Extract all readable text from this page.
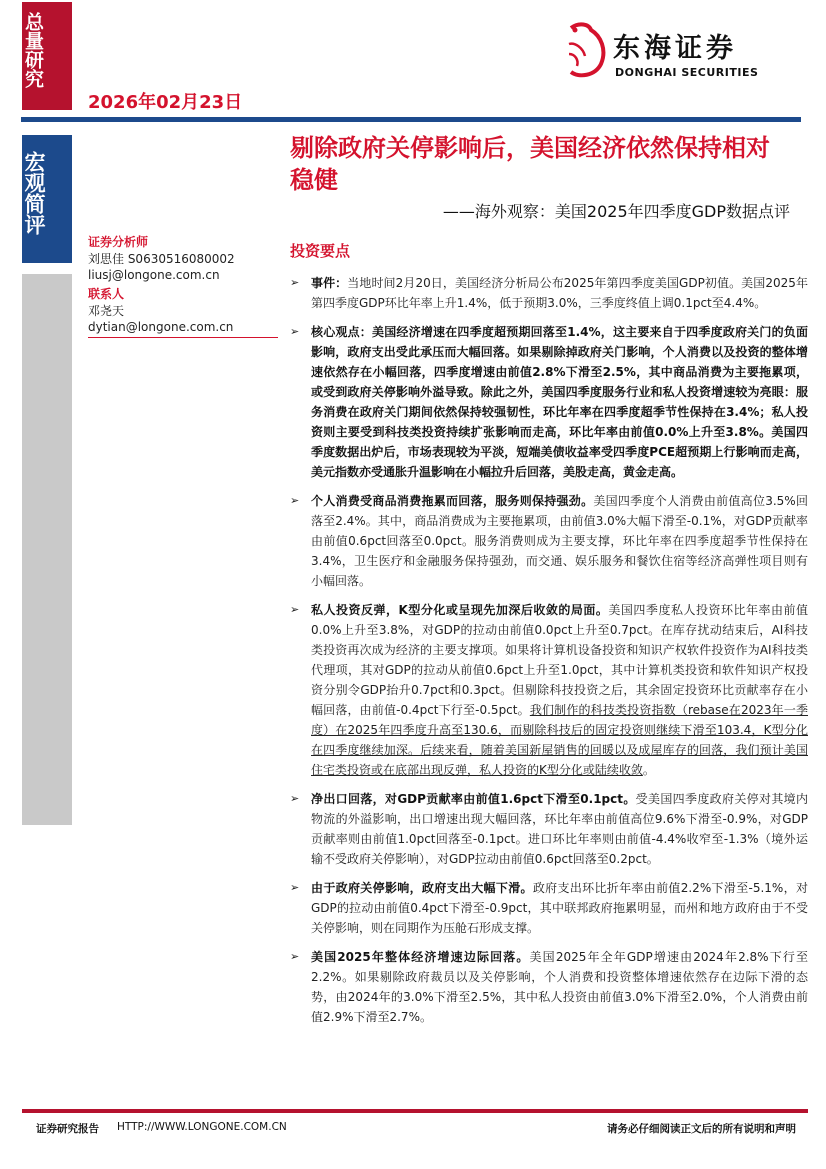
总量研究
2026年02月23日
宏观简评
东海证券
DONGHAI SECURITIES
剔除政府关停影响后，美国经济依然保持相对稳健
——海外观察：美国2025年四季度GDP数据点评
投资要点
证券分析师
刘思佳 S0630516080002
liusj@longone.com.cn
联系人
邓尧天
dytian@longone.com.cn
➢ 事件：当地时间2月20日，美国经济分析局公布2025年第四季度美国GDP初值。美国2025年第四季度GDP环比年率上升1.4%，低于预期3.0%，三季度终值上调0.1pct至4.4%。
➢ 核心观点：美国经济增速在四季度超预期回落至1.4%，这主要来自于四季度政府关门的负面影响，政府支出受此承压而大幅回落。如果剔除掉政府关门影响，个人消费以及投资的整体增速依然存在小幅回落，四季度增速由前值2.8%下滑至2.5%，其中商品消费为主要拖累项，或受到政府关停影响外溢导致。除此之外，美国四季度服务行业和私人投资增速较为亮眼：服务消费在政府关门期间依然保持较强韧性，环比年率在四季度超季节性保持在3.4%；私人投资则主要受到科技类投资持续扩张影响而走高，环比年率由前值0.0%上升至3.8%。美国四季度数据出炉后，市场表现较为平淡，短端美债收益率受四季度PCE超预期上行影响而走高，美元指数亦受通胀升温影响在小幅拉升后回落，美股走高，黄金走高。
➢ 个人消费受商品消费拖累而回落，服务则保持强劲。美国四季度个人消费由前值高位3.5%回落至2.4%。其中，商品消费成为主要拖累项，由前值3.0%大幅下滑至-0.1%，对GDP贡献率由前值0.6pct回落至0.0pct。服务消费则成为主要支撑，环比年率在四季度超季节性保持在3.4%，卫生医疗和金融服务保持强劲，而交通、娱乐服务和餐饮住宿等经济高弹性项目则有小幅回落。
➢ 私人投资反弹，K型分化或呈现先加深后收敛的局面。美国四季度私人投资环比年率由前值0.0%上升至3.8%，对GDP的拉动由前值0.0pct上升至0.7pct。在库存扰动结束后，AI科技类投资再次成为经济的主要支撑项。如果将计算机设备投资和知识产权软件投资作为AI科技类代理项，其对GDP的拉动从前值0.6pct上升至1.0pct，其中计算机类投资和软件知识产权投资分别令GDP抬升0.7pct和0.3pct。但剔除科技投资之后，其余固定投资环比贡献率存在小幅回落，由前值-0.4pct下行至-0.5pct。我们制作的科技类投资指数（rebase在2023年一季度）在2025年四季度升高至130.6，而剔除科技后的固定投资则继续下滑至103.4，K型分化在四季度继续加深。后续来看，随着美国新屋销售的回暖以及成屋库存的回落，我们预计美国住宅类投资或在底部出现反弹，私人投资的K型分化或陆续收敛。
➢ 净出口回落，对GDP贡献率由前值1.6pct下滑至0.1pct。受美国四季度政府关停对其境内物流的外溢影响，出口增速出现大幅回落，环比年率由前值高位9.6%下滑至-0.9%，对GDP贡献率则由前值1.0pct回落至-0.1pct。进口环比年率则由前值-4.4%收窄至-1.3%（境外运输不受政府关停影响），对GDP拉动由前值0.6pct回落至0.2pct。
➢ 由于政府关停影响，政府支出大幅下滑。政府支出环比折年率由前值2.2%下滑至-5.1%，对GDP的拉动由前值0.4pct下滑至-0.9pct，其中联邦政府拖累明显，而州和地方政府由于不受关停影响，则在同期作为压舱石形成支撑。
➢ 美国2025年整体经济增速边际回落。美国2025年全年GDP增速由2024年2.8%下行至2.2%。如果剔除政府裁员以及关停影响，个人消费和投资整体增速依然存在边际下滑的态势，由2024年的3.0%下滑至2.5%，其中私人投资由前值3.0%下滑至2.0%，个人消费由前值2.9%下滑至2.7%。
证券研究报告 HTTP://WWW.LONGONE.COM.CN	请务必仔细阅读正文后的所有说明和声明
